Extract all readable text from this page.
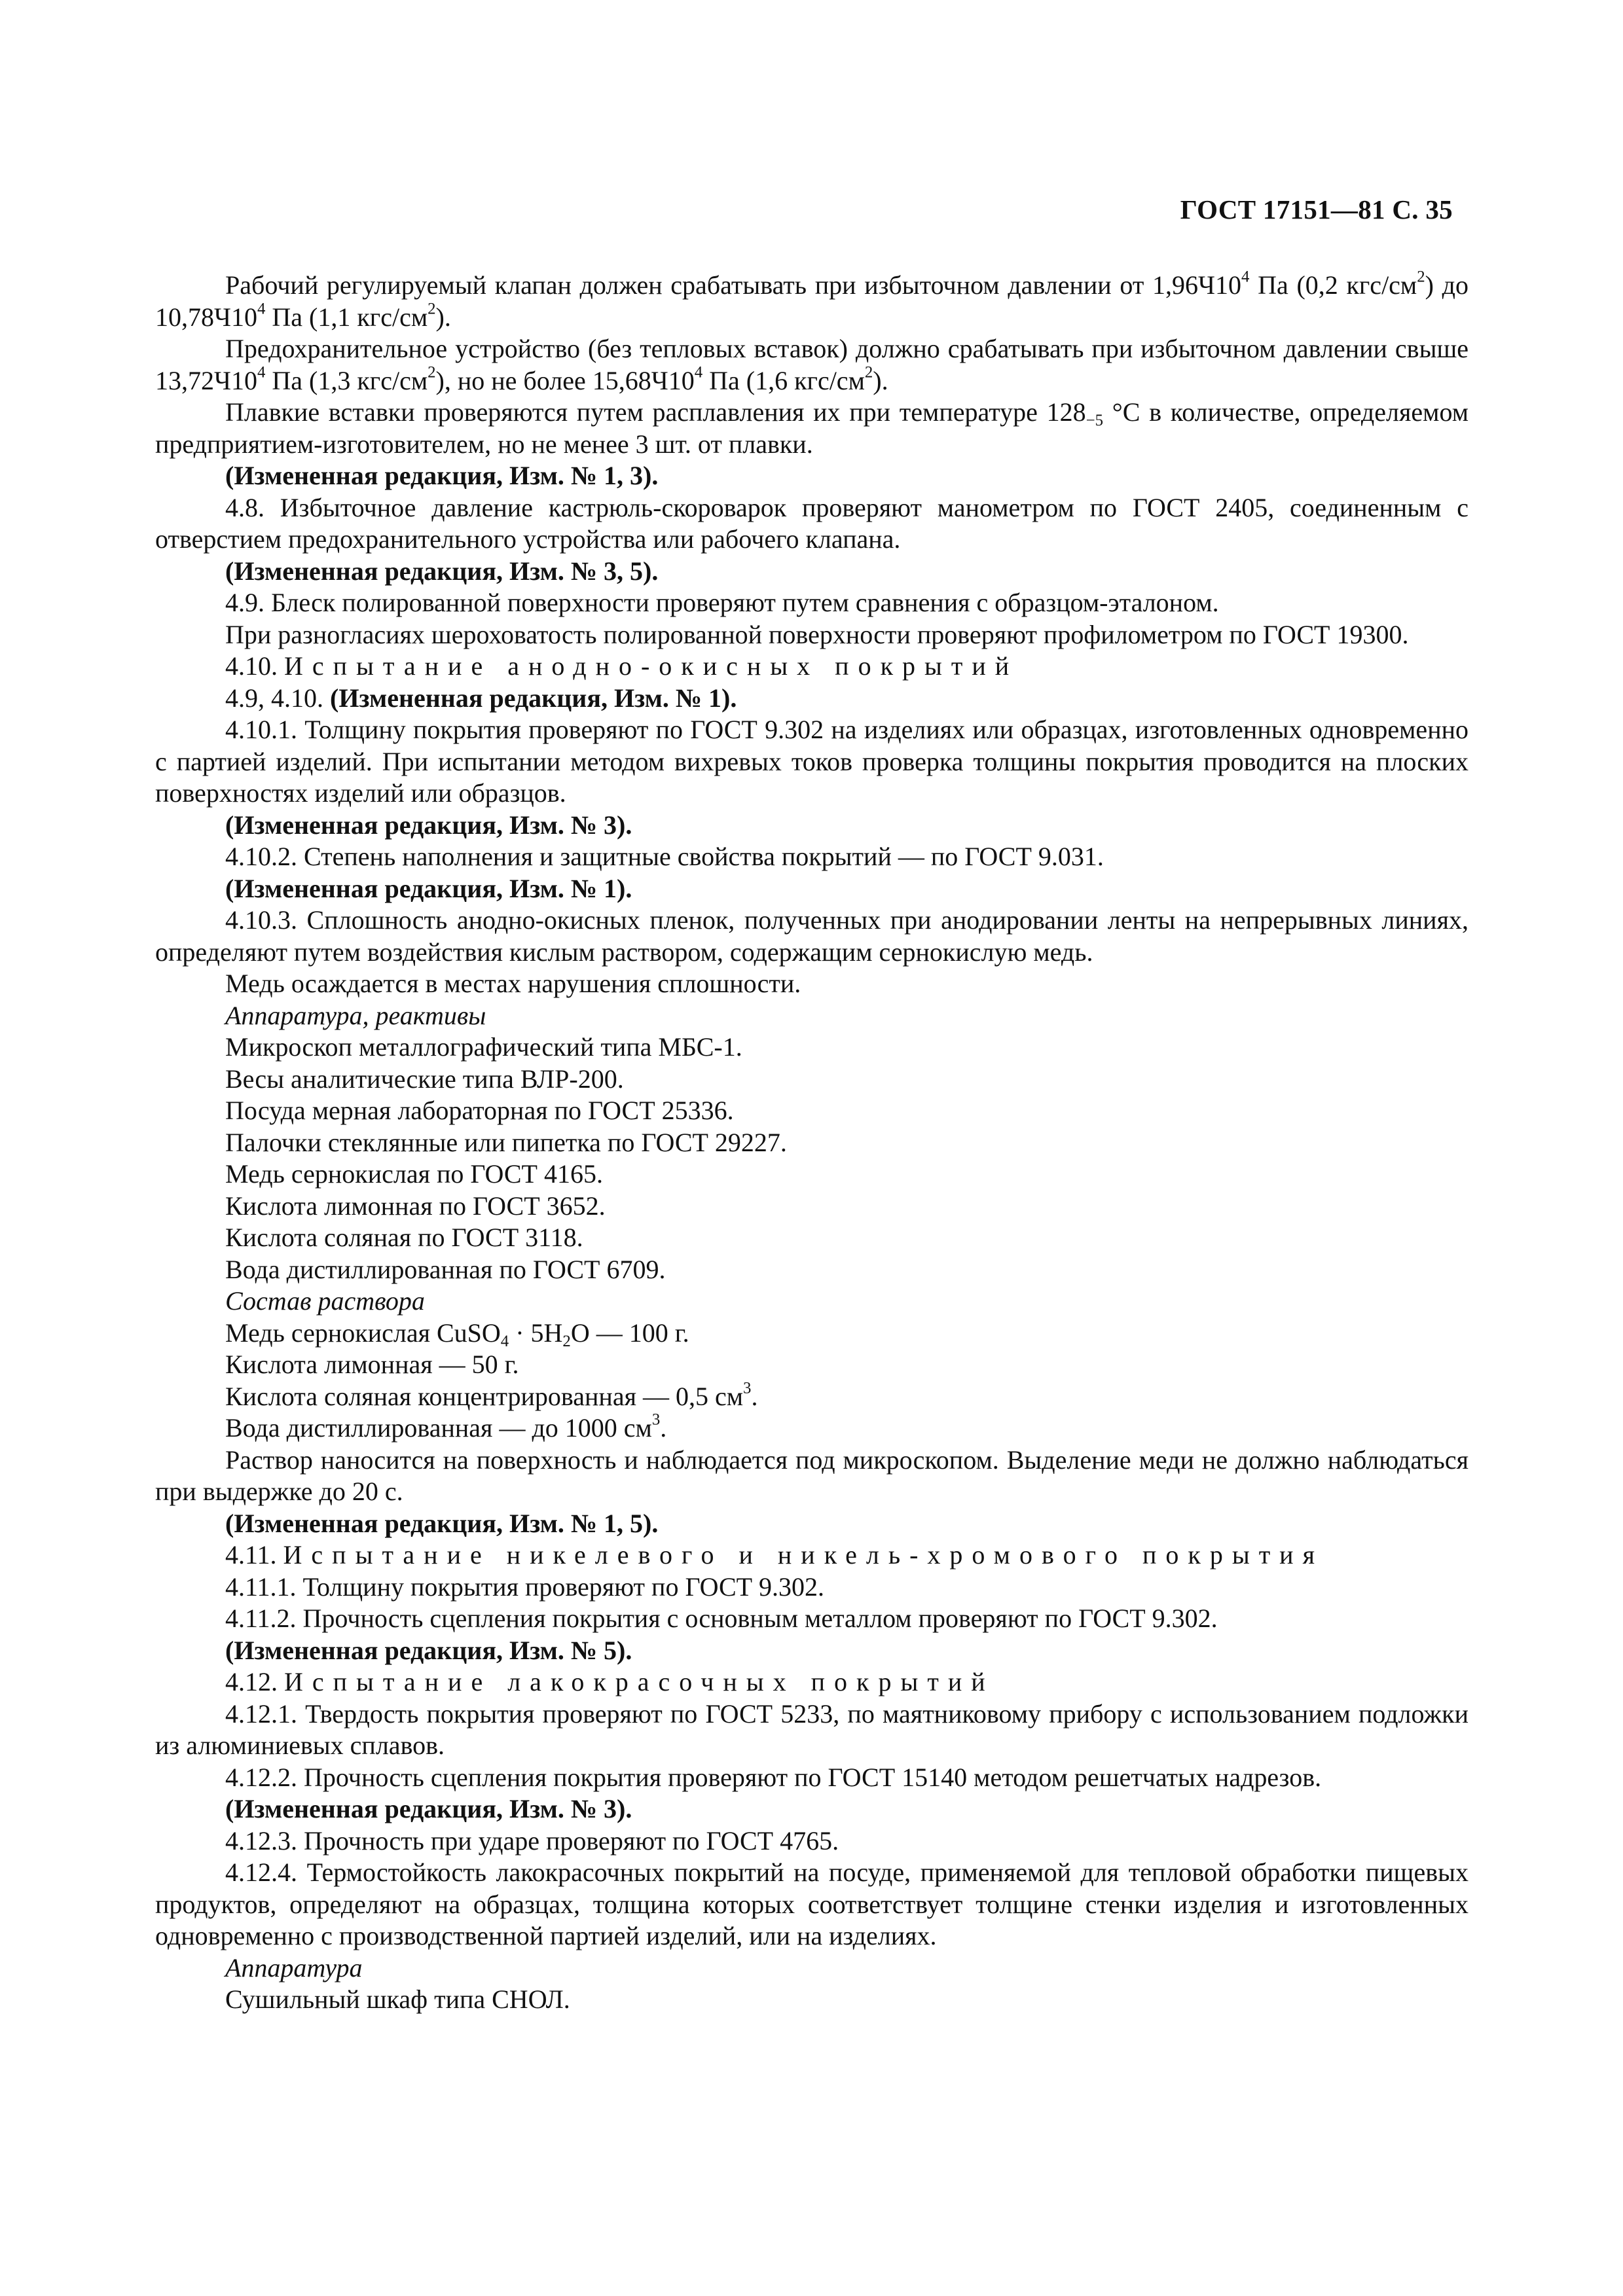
ГОСТ 17151—81 С. 35

Рабочий регулируемый клапан должен срабатывать при избыточном давлении от $1,96Ч10^4$ Па (0,2 кгс/$см^2$) до $10,78Ч10^4$ Па (1,1 кгс/$см^2$).

Предохранительное устройство (без тепловых вставок) должно срабатывать при избыточном давлении свыше $13,72Ч10^4$ Па (1,3 кгс/$см^2$), но не более $15,68Ч10^4$ Па (1,6 кгс/$см^2$).

Плавкие вставки проверяются путем расплавления их при температуре $128_{-5}$ °С в количестве, определяемом предприятием-изготовителем, но не менее 3 шт. от плавки.

(Измененная редакция, Изм. № 1, 3).

4.8. Избыточное давление кастрюль-скороварок проверяют манометром по ГОСТ 2405, соединенным с отверстием предохранительного устройства или рабочего клапана.

(Измененная редакция, Изм. № 3, 5).

4.9. Блеск полированной поверхности проверяют путем сравнения с образцом-эталоном.

При разногласиях шероховатость полированной поверхности проверяют профилометром по ГОСТ 19300.

4.10. Испытание анодно-окисных покрытий

4.9, 4.10. (Измененная редакция, Изм. № 1).

4.10.1. Толщину покрытия проверяют по ГОСТ 9.302 на изделиях или образцах, изготовленных одновременно с партией изделий. При испытании методом вихревых токов проверка толщины покрытия проводится на плоских поверхностях изделий или образцов.

(Измененная редакция, Изм. № 3).

4.10.2. Степень наполнения и защитные свойства покрытий — по ГОСТ 9.031.

(Измененная редакция, Изм. № 1).

4.10.3. Сплошность анодно-окисных пленок, полученных при анодировании ленты на непрерывных линиях, определяют путем воздействия кислым раствором, содержащим сернокислую медь.

Медь осаждается в местах нарушения сплошности.

Аппаратура, реактивы

Микроскоп металлографический типа МБС-1.

Весы аналитические типа ВЛР-200.

Посуда мерная лабораторная по ГОСТ 25336.

Палочки стеклянные или пипетка по ГОСТ 29227.

Медь сернокислая по ГОСТ 4165.

Кислота лимонная по ГОСТ 3652.

Кислота соляная по ГОСТ 3118.

Вода дистиллированная по ГОСТ 6709.

Состав раствора

Медь сернокислая CuSO$_4$ · $5H_2O$ — 100 г.

Кислота лимонная — 50 г.

Кислота соляная концентрированная — 0,5 $см^3$.

Вода дистиллированная — до 1000 $см^3$.

Раствор наносится на поверхность и наблюдается под микроскопом. Выделение меди не должно наблюдаться при выдержке до 20 с.

(Измененная редакция, Изм. № 1, 5).

4.11. Испытание никелевого и никель-хромового покрытия

4.11.1. Толщину покрытия проверяют по ГОСТ 9.302.

4.11.2. Прочность сцепления покрытия с основным металлом проверяют по ГОСТ 9.302.

(Измененная редакция, Изм. № 5).

4.12. Испытание лакокрасочных покрытий

4.12.1. Твердость покрытия проверяют по ГОСТ 5233, по маятниковому прибору с использованием подложки из алюминиевых сплавов.

4.12.2. Прочность сцепления покрытия проверяют по ГОСТ 15140 методом решетчатых надрезов.

(Измененная редакция, Изм. № 3).

4.12.3. Прочность при ударе проверяют по ГОСТ 4765.

4.12.4. Термостойкость лакокрасочных покрытий на посуде, применяемой для тепловой обработки пищевых продуктов, определяют на образцах, толщина которых соответствует толщине стенки изделия и изготовленных одновременно с производственной партией изделий, или на изделиях.

Аппаратура

Сушильный шкаф типа СНОЛ.
